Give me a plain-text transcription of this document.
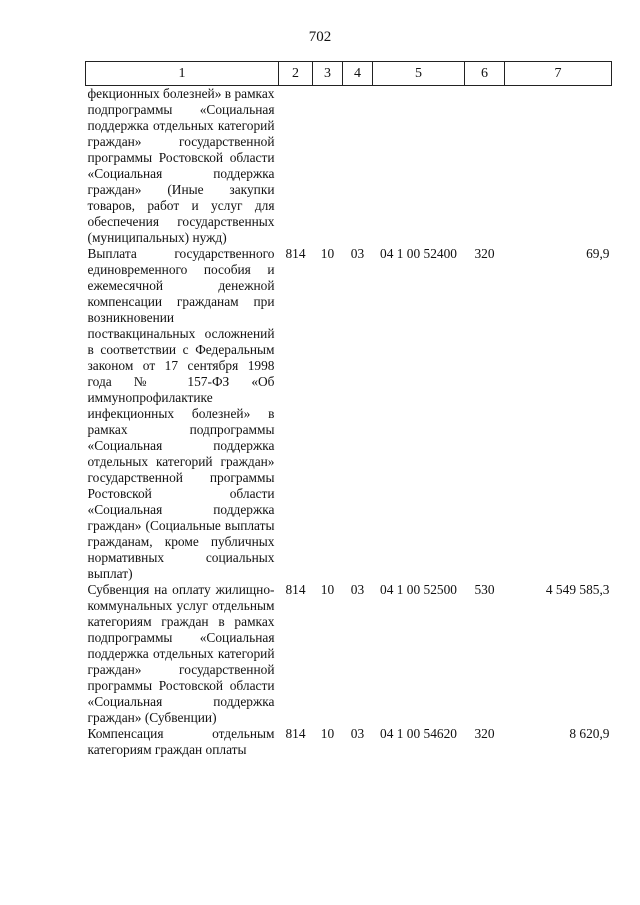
702
1	2	3	4	5	6	7
фекционных болезней» в рамках подпрограммы «Социальная поддержка отдельных категорий граждан» государственной программы Ростовской области «Социальная поддержка граждан» (Иные закупки товаров, работ и услуг для обеспечения государственных (муниципальных) нужд)						
Выплата государственного единовременного пособия и ежемесячной денежной компенсации гражданам при возникновении поствакцинальных осложнений в соответствии с Федеральным законом от 17 сентября 1998 года № 157-ФЗ «Об иммунопрофилактике инфекционных болезней» в рамках подпрограммы «Социальная поддержка отдельных категорий граждан» государственной программы Ростовской области «Социальная поддержка граждан» (Социальные выплаты гражданам, кроме публичных нормативных социальных выплат)	814	10	03	04 1 00 52400	320	69,9
Субвенция на оплату жилищно-коммунальных услуг отдельным категориям граждан в рамках подпрограммы «Социальная поддержка отдельных категорий граждан» государственной программы Ростовской области «Социальная поддержка граждан» (Субвенции)	814	10	03	04 1 00 52500	530	4 549 585,3
Компенсация отдельным категориям граждан оплаты	814	10	03	04 1 00 54620	320	8 620,9
